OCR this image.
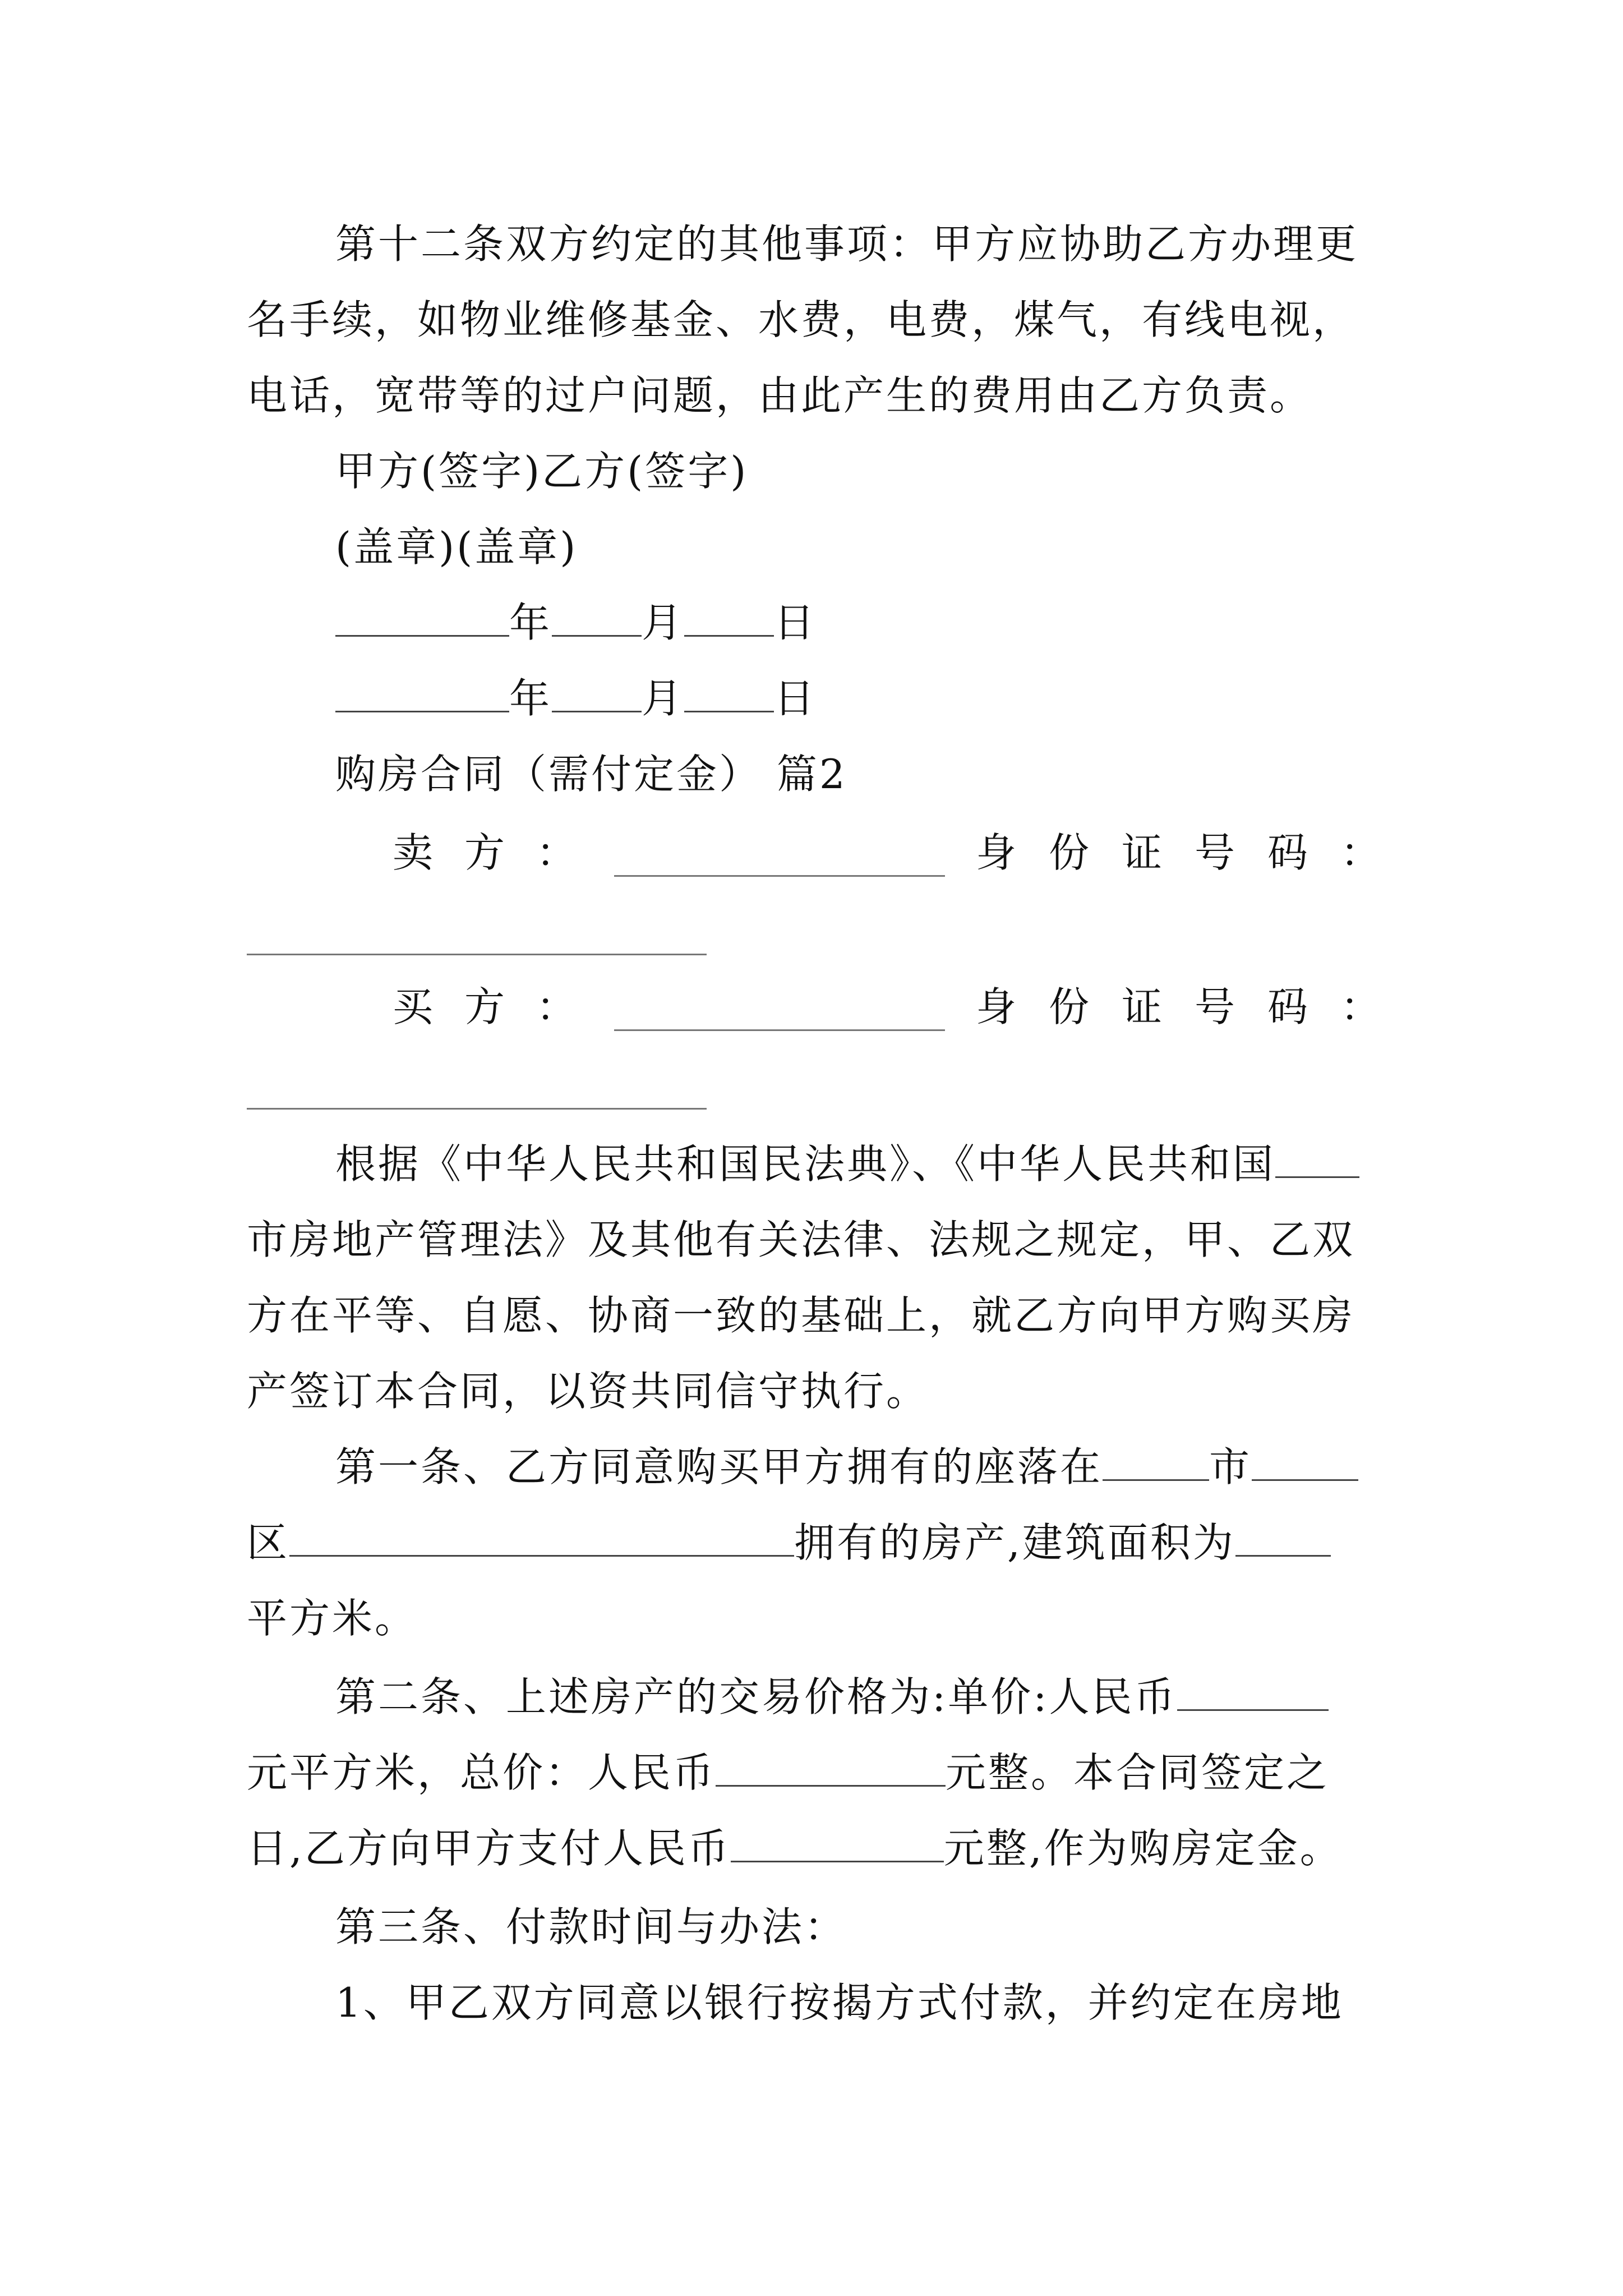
第十二条双方约定的其他事项：甲方应协助乙方办理更
名手续，如物业维修基金、水费，电费，煤气，有线电视，
电话，宽带等的过户问题，由此产生的费用由乙方负责。
甲方(签字)乙方(签字)
(盖章)(盖章)
年 月 日
年 月 日
购房合同（需付定金） 篇2
卖方：	身份证号码：
买方：	身份证号码：
根据《中华人民共和国民法典》、《中华人民共和国
市房地产管理法》及其他有关法律、法规之规定，甲、乙双
方在平等、自愿、协商一致的基础上，就乙方向甲方购买房
产签订本合同，以资共同信守执行。
第一条、乙方同意购买甲方拥有的座落在	市
区	拥有的房产,建筑面积为
平方米。
第二条、上述房产的交易价格为:单价:人民币
元平方米，总价：人民币	元整。本合同签定之
日,乙方向甲方支付人民币	元整,作为购房定金。
第三条、付款时间与办法：
1、甲乙双方同意以银行按揭方式付款，并约定在房地
